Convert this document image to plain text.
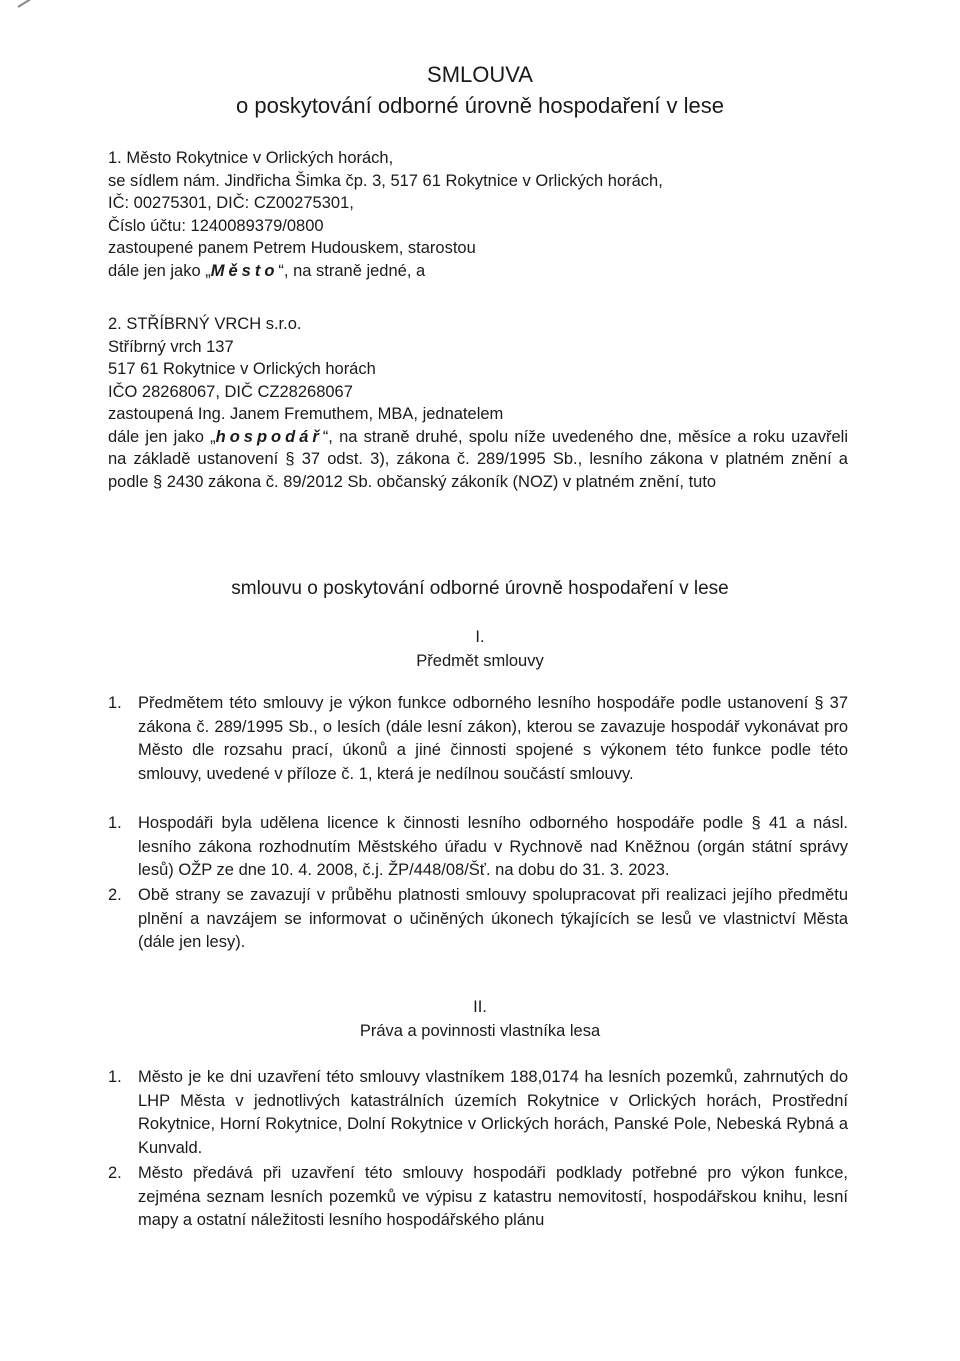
SMLOUVA
o poskytování odborné úrovně hospodaření v lese
1. Město Rokytnice v Orlických horách,
se sídlem nám. Jindřicha Šimka čp. 3, 517 61 Rokytnice v Orlických horách,
IČ: 00275301, DIČ: CZ00275301,
Číslo účtu: 1240089379/0800
zastoupené panem Petrem Hudouskem, starostou
dále jen jako „Město“, na straně jedné, a
2. STŘÍBRNÝ VRCH s.r.o.
Stříbrný vrch 137
517 61 Rokytnice v Orlických horách
IČO 28268067, DIČ CZ28268067
zastoupená Ing. Janem Fremuthem, MBA, jednatelem
dále jen jako „hospodář“, na straně druhé, spolu níže uvedeného dne, měsíce a roku uzavřeli na základě ustanovení § 37 odst. 3), zákona č. 289/1995 Sb., lesního zákona v platném znění a podle § 2430 zákona č. 89/2012 Sb. občanský zákoník (NOZ) v platném znění, tuto
smlouvu o poskytování odborné úrovně hospodaření v lese
I.
Předmět smlouvy
1. Předmětem této smlouvy je výkon funkce odborného lesního hospodáře podle ustanovení § 37 zákona č. 289/1995 Sb., o lesích (dále lesní zákon), kterou se zavazuje hospodář vykonávat pro Město dle rozsahu prací, úkonů a jiné činnosti spojené s výkonem této funkce podle této smlouvy, uvedené v příloze č. 1, která je nedílnou součástí smlouvy.
1. Hospodáři byla udělena licence k činnosti lesního odborného hospodáře podle § 41 a násl. lesního zákona rozhodnutím Městského úřadu v Rychnově nad Kněžnou (orgán státní správy lesů) OŽP ze dne 10. 4. 2008, č.j. ŽP/448/08/Šť. na dobu do 31. 3. 2023.
2. Obě strany se zavazují v průběhu platnosti smlouvy spolupracovat při realizaci jejího předmětu plnění a navzájem se informovat o učiněných úkonech týkajících se lesů ve vlastnictví Města (dále jen lesy).
II.
Práva a povinnosti vlastníka lesa
1. Město je ke dni uzavření této smlouvy vlastníkem 188,0174 ha lesních pozemků, zahrnutých do LHP Města v jednotlivých katastrálních územích Rokytnice v Orlických horách, Prostřední Rokytnice, Horní Rokytnice, Dolní Rokytnice v Orlických horách, Panské Pole, Nebeská Rybná a Kunvald.
2. Město předává při uzavření této smlouvy hospodáři podklady potřebné pro výkon funkce, zejména seznam lesních pozemků ve výpisu z katastru nemovitostí, hospodářskou knihu, lesní mapy a ostatní náležitosti lesního hospodářského plánu
